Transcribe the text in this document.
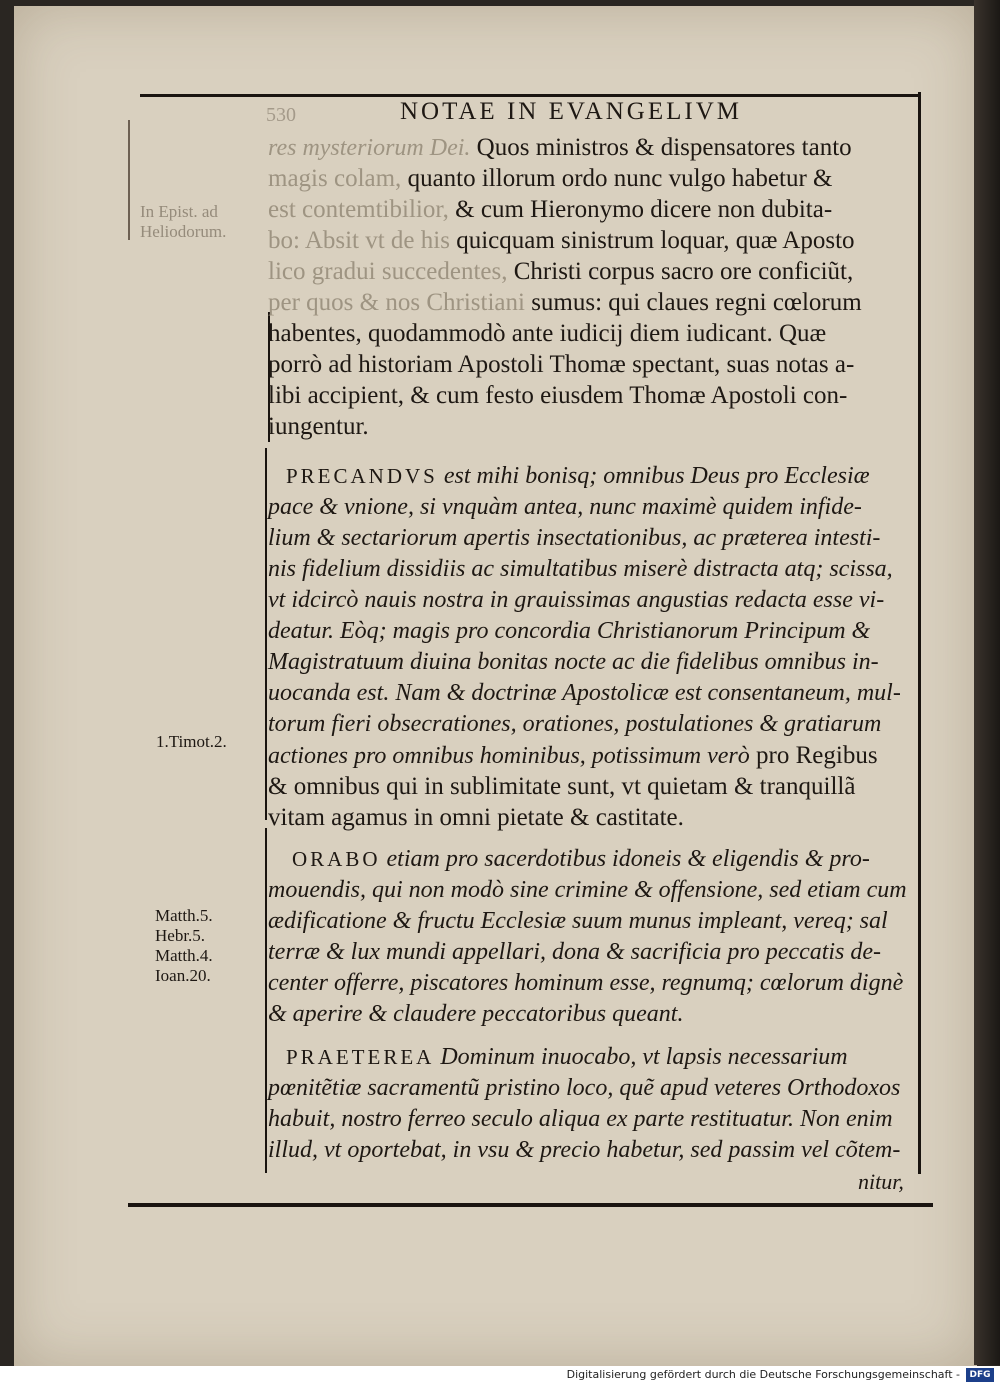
530	NOTAE IN EVANGELIVM
In Epist. ad
Heliodorum.
1.Timot.2.
Matth.5.
Hebr.5.
Matth.4.
Ioan.20.
res mysteriorum Dei. Quos ministros & dispensatores tanto
magis colam, quanto illorum ordo nunc vulgo habetur &
est contemtibilior, & cum Hieronymo dicere non dubita-
bo: Absit vt de his quicquam sinistrum loquar, quæ Aposto
lico gradui succedentes, Christi corpus sacro ore conficiũt,
per quos & nos Christiani sumus: qui claues regni cœlorum
habentes, quodammodò ante iudicij diem iudicant. Quæ
porrò ad historiam Apostoli Thomæ spectant, suas notas a-
libi accipient, & cum festo eiusdem Thomæ Apostoli con-
iungentur.
PRECANDVS est mihi bonisq; omnibus Deus pro Ecclesiæ
pace & vnione, si vnquàm antea, nunc maximè quidem infide-
lium & sectariorum apertis insectationibus, ac præterea intesti-
nis fidelium dissidiis ac simultatibus miserè distracta atq; scissa,
vt idcircò nauis nostra in grauissimas angustias redacta esse vi-
deatur. Eòq; magis pro concordia Christianorum Principum &
Magistratuum diuina bonitas nocte ac die fidelibus omnibus in-
uocanda est. Nam & doctrinæ Apostolicæ est consentaneum, mul-
torum fieri obsecrationes, orationes, postulationes & gratiarum
actiones pro omnibus hominibus, potissimum verò pro Regibus
& omnibus qui in sublimitate sunt, vt quietam & tranquillã
vitam agamus in omni pietate & castitate.
ORABO etiam pro sacerdotibus idoneis & eligendis & pro-
mouendis, qui non modò sine crimine & offensione, sed etiam cum
ædificatione & fructu Ecclesiæ suum munus impleant, vereq; sal
terræ & lux mundi appellari, dona & sacrificia pro peccatis de-
center offerre, piscatores hominum esse, regnumq; cœlorum dignè
& aperire & claudere peccatoribus queant.
PRAETEREA Dominum inuocabo, vt lapsis necessarium
pœnitẽtiæ sacramentũ pristino loco, quẽ apud veteres Orthodoxos
habuit, nostro ferreo seculo aliqua ex parte restituatur. Non enim
illud, vt oportebat, in vsu & precio habetur, sed passim vel cõtem-
nitur,
Digitalisierung gefördert durch die Deutsche Forschungsgemeinschaft -	DFG
